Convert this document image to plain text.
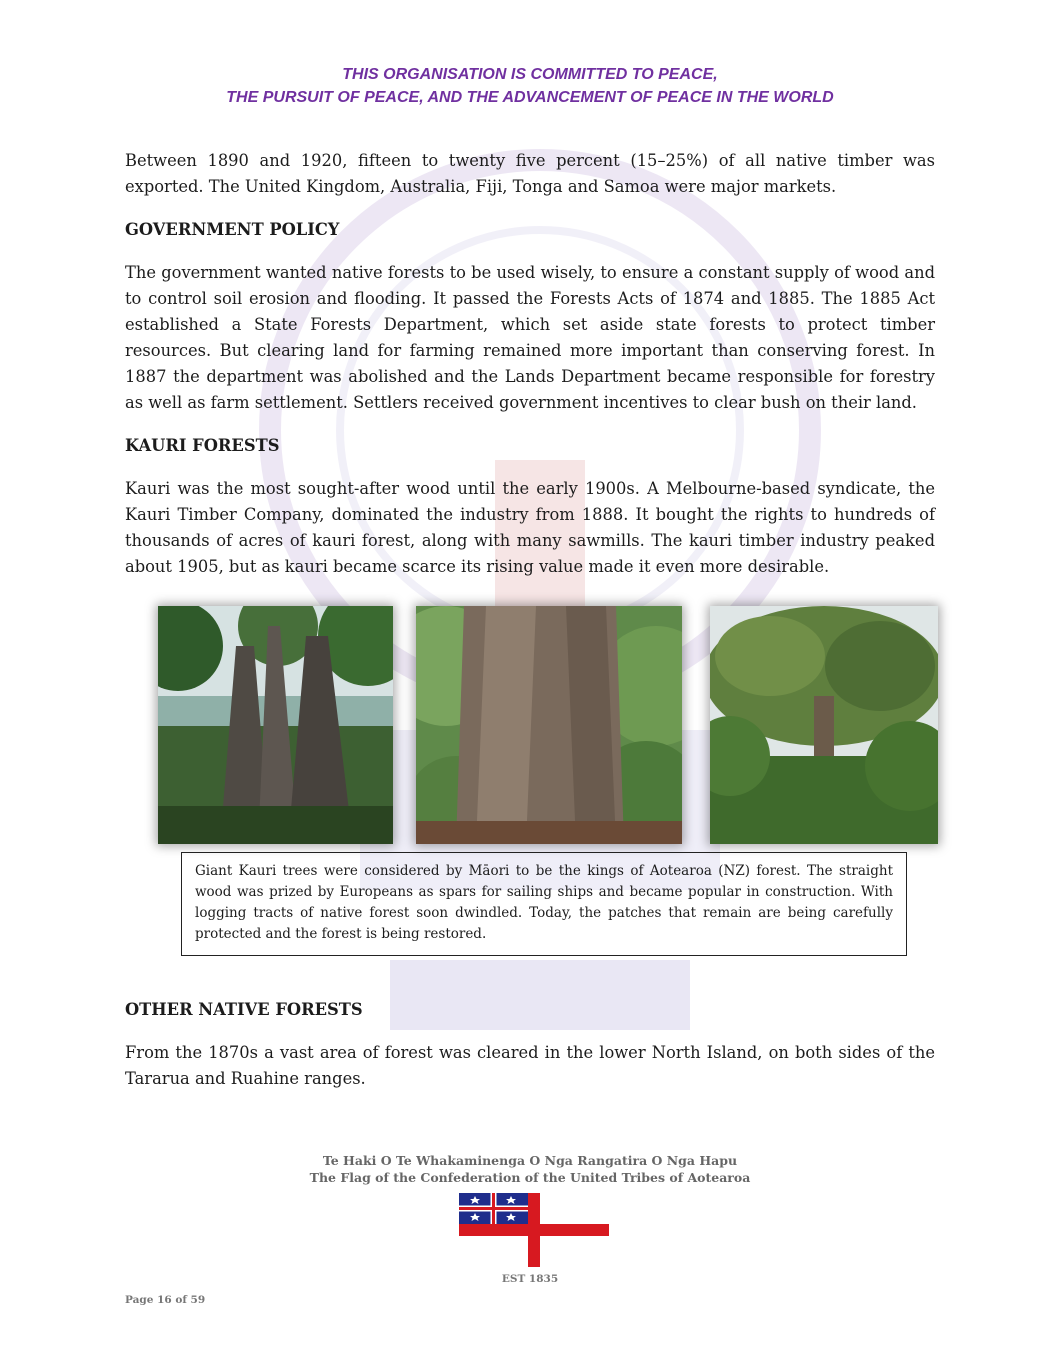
THIS ORGANISATION IS COMMITTED TO PEACE,
THE PURSUIT OF PEACE, AND THE ADVANCEMENT OF PEACE IN THE WORLD

Between 1890 and 1920, fifteen to twenty five percent (15–25%) of all native timber was exported. The United Kingdom, Australia, Fiji, Tonga and Samoa were major markets.

GOVERNMENT POLICY

The government wanted native forests to be used wisely, to ensure a constant supply of wood and to control soil erosion and flooding. It passed the Forests Acts of 1874 and 1885. The 1885 Act established a State Forests Department, which set aside state forests to protect timber resources. But clearing land for farming remained more important than conserving forest. In 1887 the department was abolished and the Lands Department became responsible for forestry as well as farm settlement. Settlers received government incentives to clear bush on their land.

KAURI FORESTS

Kauri was the most sought-after wood until the early 1900s. A Melbourne-based syndicate, the Kauri Timber Company, dominated the industry from 1888. It bought the rights to hundreds of thousands of acres of kauri forest, along with many sawmills. The kauri timber industry peaked about 1905, but as kauri became scarce its rising value made it even more desirable.

Giant Kauri trees were considered by Māori to be the kings of Aotearoa (NZ) forest. The straight wood was prized by Europeans as spars for sailing ships and became popular in construction. With logging tracts of native forest soon dwindled. Today, the patches that remain are being carefully protected and the forest is being restored.
OTHER NATIVE FORESTS

From the 1870s a vast area of forest was cleared in the lower North Island, on both sides of the Tararua and Ruahine ranges.

Te Haki O Te Whakaminenga O Nga Rangatira O Nga Hapu
The Flag of the Confederation of the United Tribes of Aotearoa
EST 1835
Page 16 of 59
